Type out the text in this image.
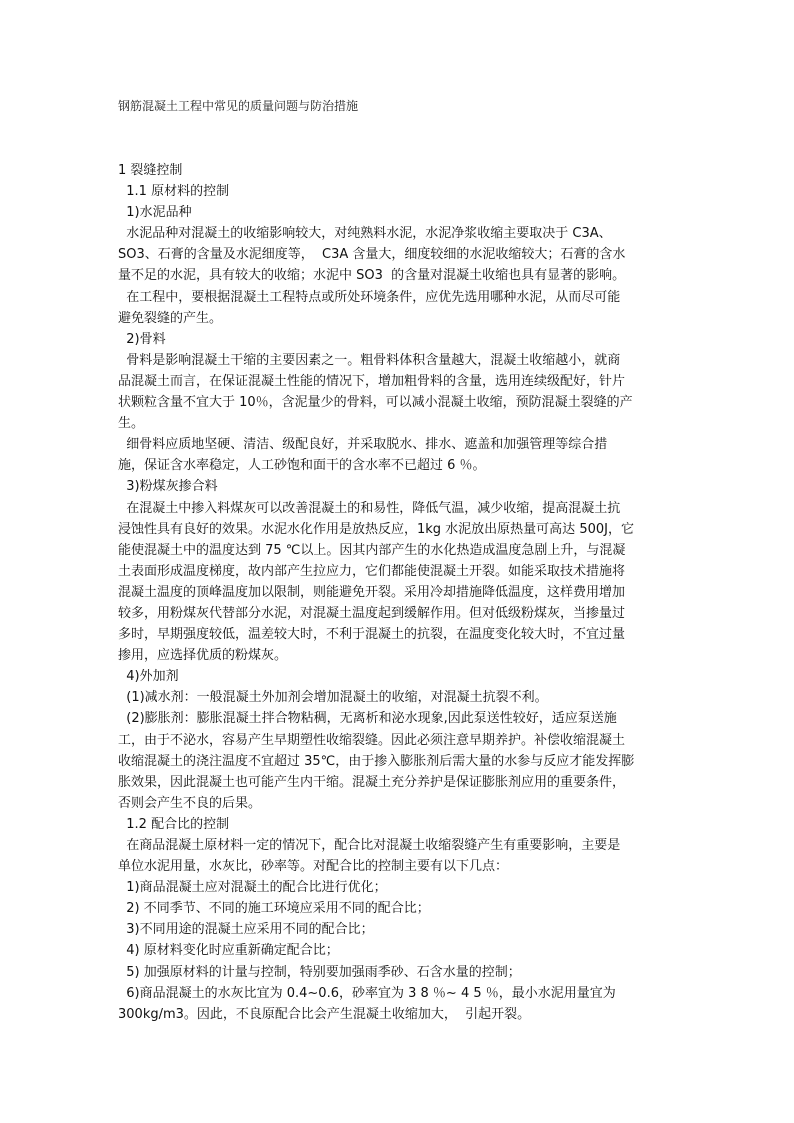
钢筋混凝土工程中常见的质量问题与防治措施

1 裂缝控制

1.1 原材料的控制

1)水泥品种

水泥品种对混凝土的收缩影响较大，对纯熟料水泥，水泥净浆收缩主要取决于 C3A、

SO3、石膏的含量及水泥细度等，  C3A 含量大，细度较细的水泥收缩较大；石膏的含水

量不足的水泥，具有较大的收缩；水泥中 SO3  的含量对混凝土收缩也具有显著的影响。

在工程中，要根据混凝土工程特点或所处环境条件，应优先选用哪种水泥，从而尽可能

避免裂缝的产生。

2)骨料

骨料是影响混凝土干缩的主要因素之一。粗骨料体积含量越大，混凝土收缩越小，就商

品混凝土而言，在保证混凝土性能的情况下，增加粗骨料的含量，选用连续级配好，针片

状颗粒含量不宜大于 10％，含泥量少的骨料，可以减小混凝土收缩，预防混凝土裂缝的产

生。

细骨料应质地坚硬、清洁、级配良好，并采取脱水、排水、遮盖和加强管理等综合措

施，保证含水率稳定，人工砂饱和面干的含水率不已超过 6 ％。

3)粉煤灰掺合料

在混凝土中掺入料煤灰可以改善混凝土的和易性，降低气温，减少收缩，提高混凝土抗

浸蚀性具有良好的效果。水泥水化作用是放热反应，1kg 水泥放出原热量可高达 500J，它

能使混凝土中的温度达到 75 ℃以上。因其内部产生的水化热造成温度急剧上升，与混凝

土表面形成温度梯度，故内部产生拉应力，它们都能使混凝土开裂。如能采取技术措施将

混凝土温度的顶峰温度加以限制，则能避免开裂。采用冷却措施降低温度，这样费用增加

较多，用粉煤灰代替部分水泥，对混凝土温度起到缓解作用。但对低级粉煤灰，当掺量过

多时，早期强度较低，温差较大时，不利于混凝土的抗裂，在温度变化较大时，不宜过量

掺用，应选择优质的粉煤灰。

4)外加剂

(1)减水剂：一般混凝土外加剂会增加混凝土的收缩，对混凝土抗裂不利。

(2)膨胀剂：膨胀混凝土拌合物粘稠，无离析和泌水现象,因此泵送性较好，适应泵送施

工，由于不泌水，容易产生早期塑性收缩裂缝。因此必须注意早期养护。补偿收缩混凝土

收缩混凝土的浇注温度不宜超过 35℃，由于掺入膨胀剂后需大量的水参与反应才能发挥膨

胀效果，因此混凝土也可能产生内干缩。混凝土充分养护是保证膨胀剂应用的重要条件，

否则会产生不良的后果。

1.2 配合比的控制

在商品混凝土原材料一定的情况下，配合比对混凝土收缩裂缝产生有重要影响，主要是

单位水泥用量，水灰比，砂率等。对配合比的控制主要有以下几点：

1)商品混凝土应对混凝土的配合比进行优化；

2) 不同季节、不同的施工环境应采用不同的配合比；

3)不同用途的混凝土应采用不同的配合比；

4) 原材料变化时应重新确定配合比；

5) 加强原材料的计量与控制，特别要加强雨季砂、石含水量的控制；

6)商品混凝土的水灰比宜为 0.4~0.6，砂率宜为 3 8 ％~ 4 5 ％，最小水泥用量宜为

300kg/m3。因此，不良原配合比会产生混凝土收缩加大，  引起开裂。
